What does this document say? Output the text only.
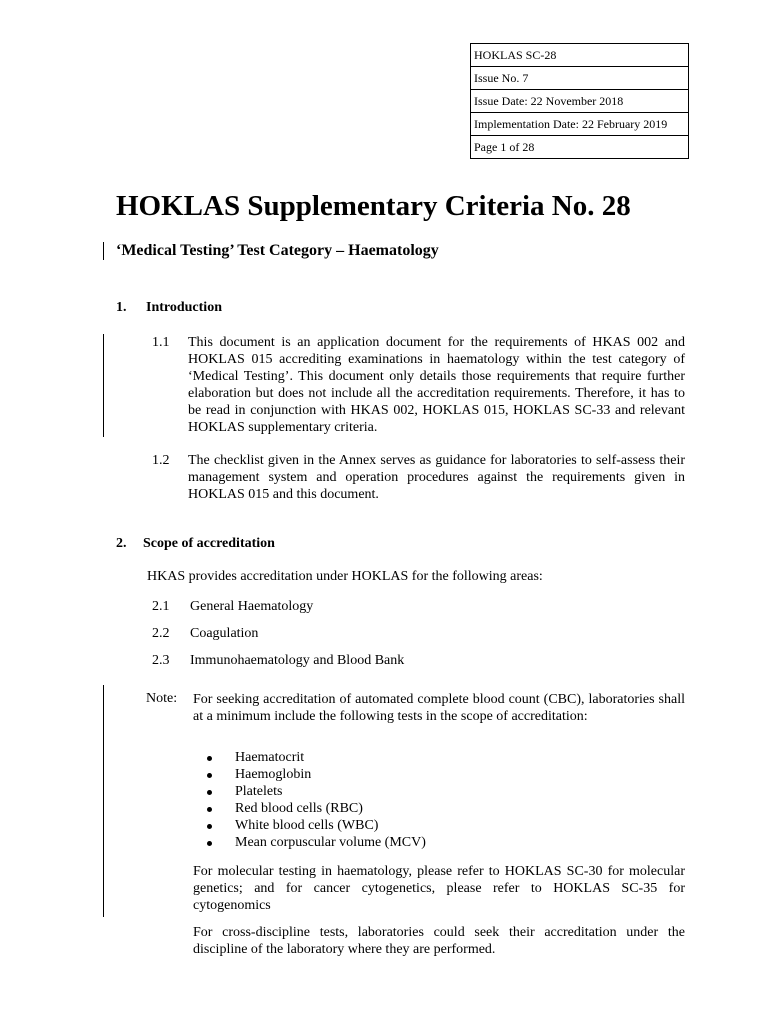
HOKLAS SC-28
Issue No. 7
Issue Date: 22 November 2018
Implementation Date: 22 February 2019
Page 1 of 28
HOKLAS Supplementary Criteria No. 28
‘Medical Testing’ Test Category – Haematology
1. Introduction
1.1 This document is an application document for the requirements of HKAS 002 and HOKLAS 015 accrediting examinations in haematology within the test category of ‘Medical Testing’. This document only details those requirements that require further elaboration but does not include all the accreditation requirements. Therefore, it has to be read in conjunction with HKAS 002, HOKLAS 015, HOKLAS SC-33 and relevant HOKLAS supplementary criteria.
1.2 The checklist given in the Annex serves as guidance for laboratories to self-assess their management system and operation procedures against the requirements given in HOKLAS 015 and this document.
2. Scope of accreditation
HKAS provides accreditation under HOKLAS for the following areas:
2.1 General Haematology
2.2 Coagulation
2.3 Immunohaematology and Blood Bank
Note: For seeking accreditation of automated complete blood count (CBC), laboratories shall at a minimum include the following tests in the scope of accreditation:
Haematocrit
Haemoglobin
Platelets
Red blood cells (RBC)
White blood cells (WBC)
Mean corpuscular volume (MCV)
For molecular testing in haematology, please refer to HOKLAS SC-30 for molecular genetics; and for cancer cytogenetics, please refer to HOKLAS SC-35 for cytogenomics
For cross-discipline tests, laboratories could seek their accreditation under the discipline of the laboratory where they are performed.
